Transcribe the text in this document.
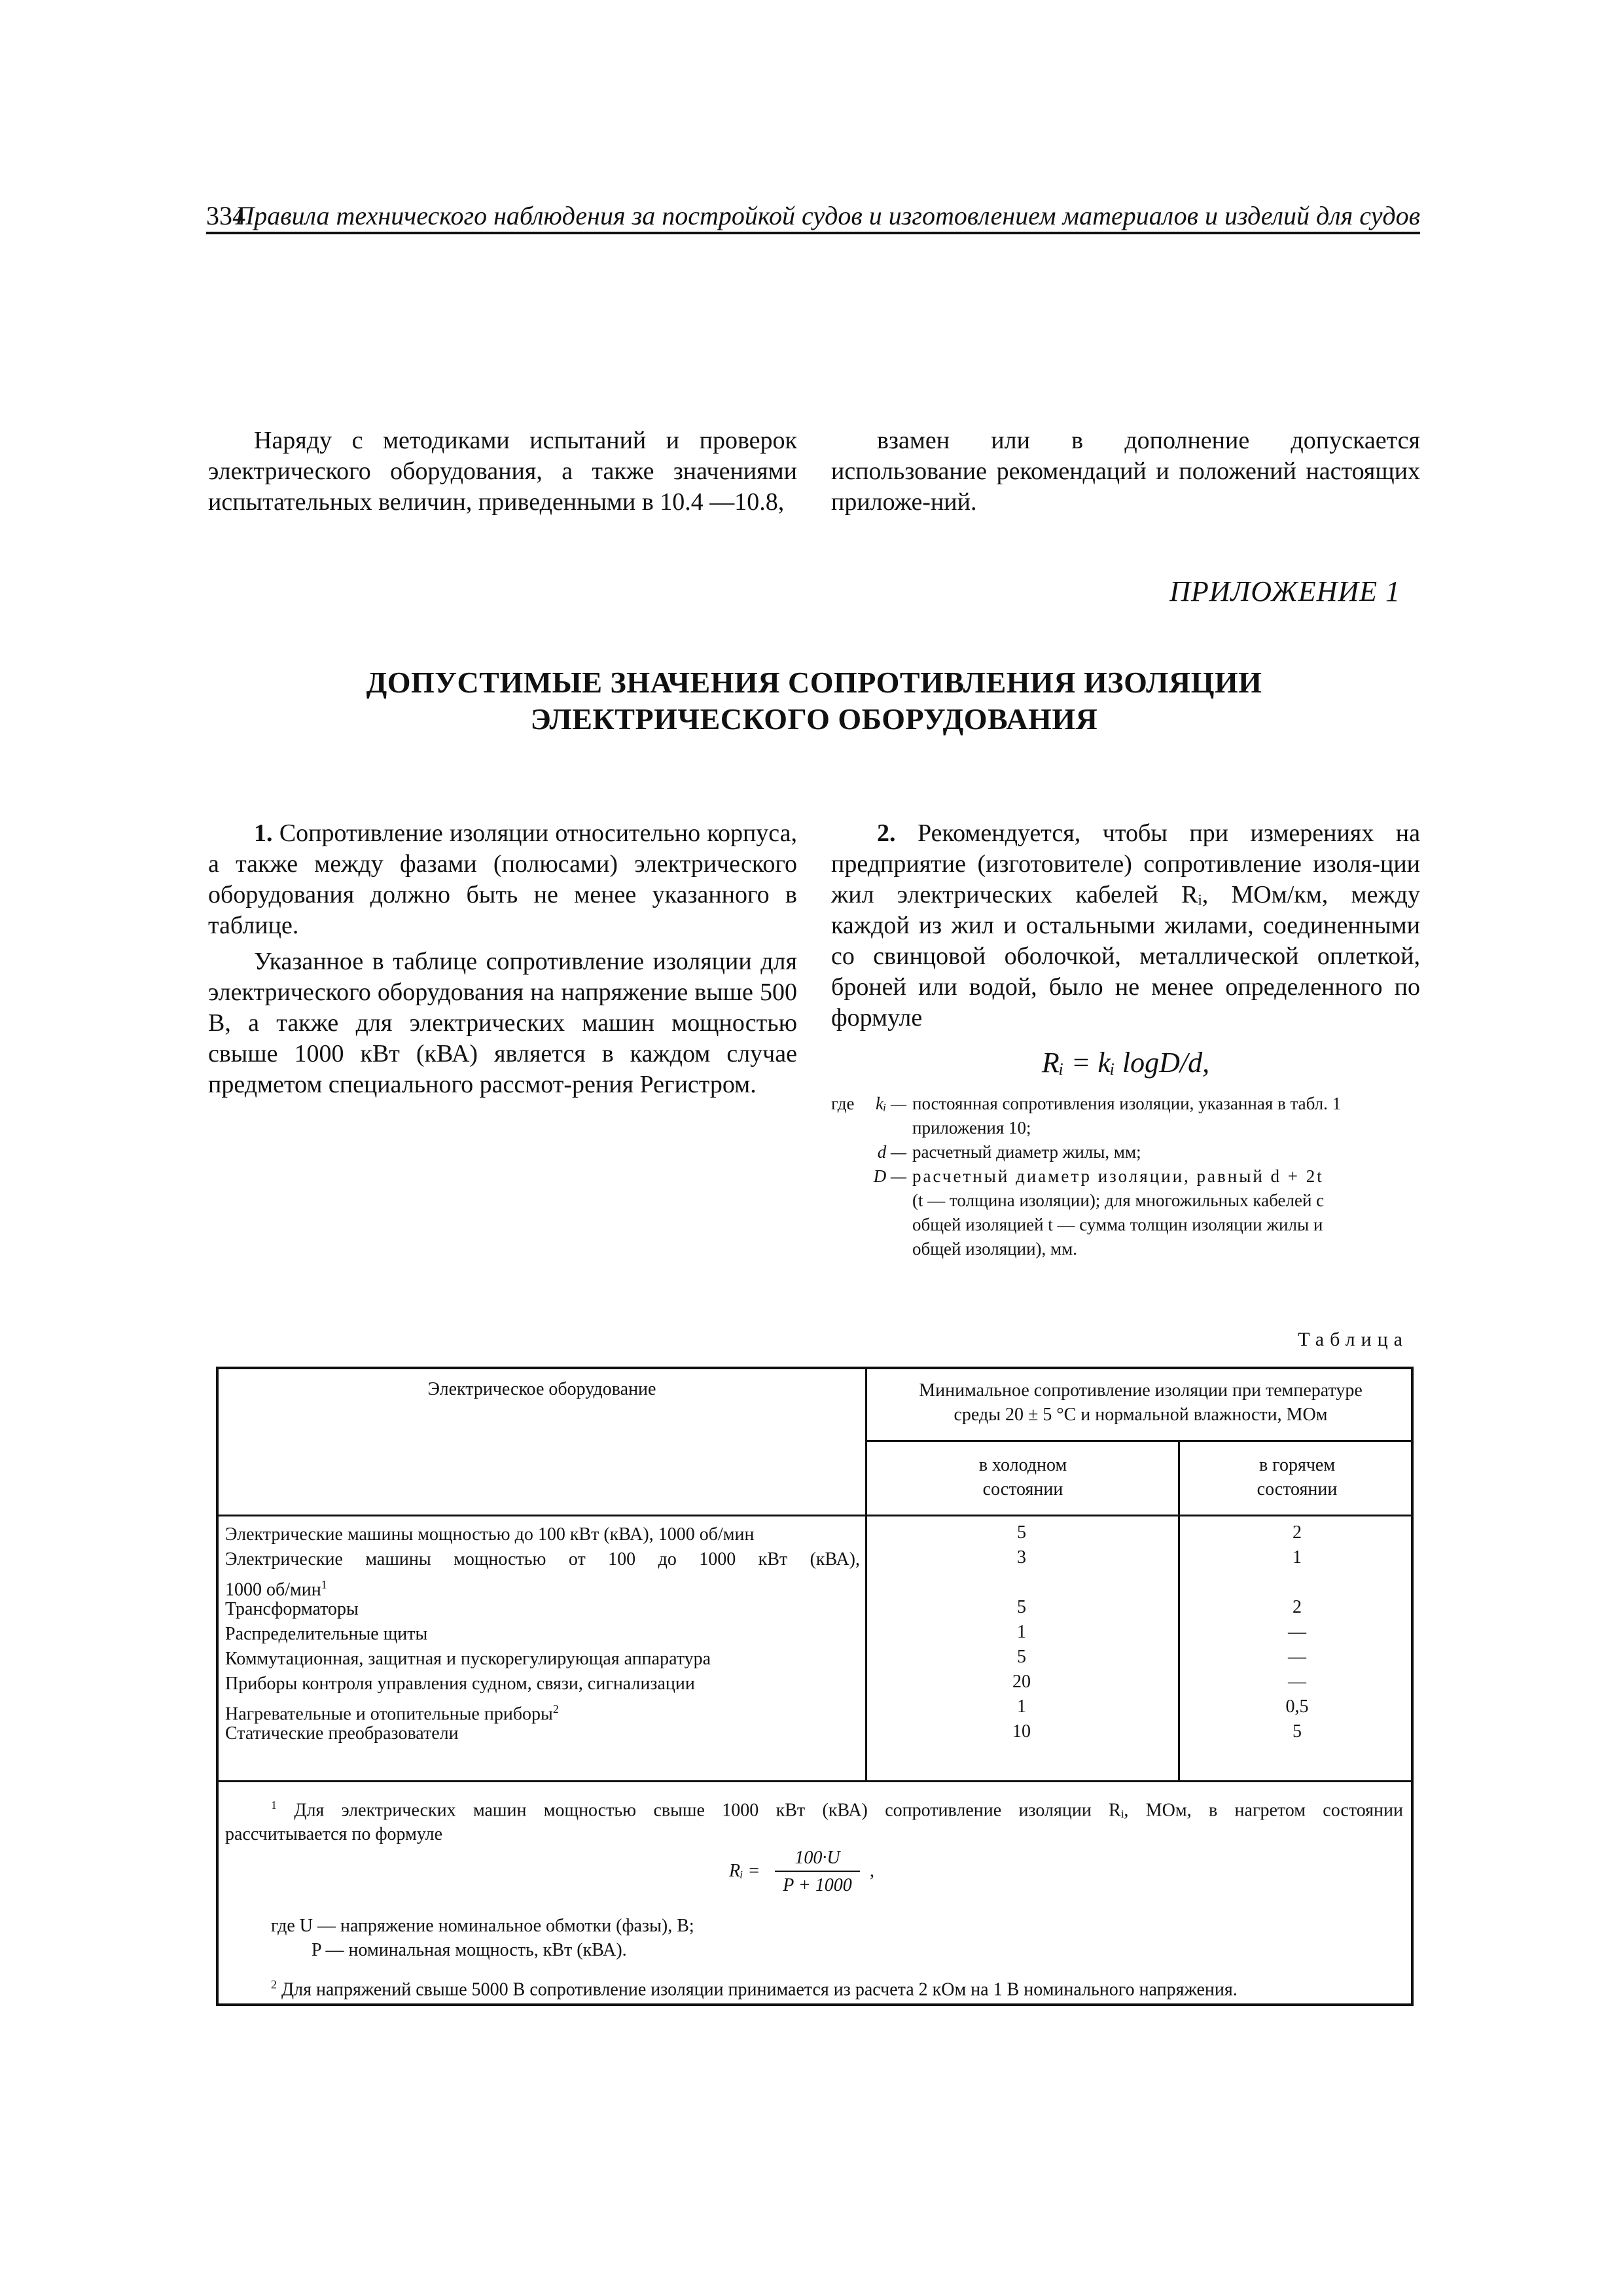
334
Правила технического наблюдения за постройкой судов и изготовлением материалов и изделий для судов

Наряду с методиками испытаний и проверок электрического оборудования, а также значениями испытательных величин, приведенными в 10.4 —10.8,

взамен или в дополнение допускается использование рекомендаций и положений настоящих приложе-ний.

ПРИЛОЖЕНИЕ 1

ДОПУСТИМЫЕ ЗНАЧЕНИЯ СОПРОТИВЛЕНИЯ ИЗОЛЯЦИИ

ЭЛЕКТРИЧЕСКОГО ОБОРУДОВАНИЯ

1. Сопротивление изоляции относительно корпуса, а также между фазами (полюсами) электрического оборудования должно быть не менее указанного в таблице.

Указанное в таблице сопротивление изоляции для электрического оборудования на напряжение выше 500 В, а также для электрических машин мощностью свыше 1000 кВт (кВА) является в каждом случае предметом специального рассмот-рения Регистром.

2. Рекомендуется, чтобы при измерениях на предприятие (изготовителе) сопротивление изоля-ции жил электрических кабелей Rᵢ, МОм/км, между каждой из жил и остальными жилами, соединенными со свинцовой оболочкой, металлической оплеткой, броней или водой, было не менее определенного по формуле

Rᵢ = kᵢ logD/d,
где	kᵢ — постоянная сопротивления изоляции, указанная в табл. 1
приложения 10;
d — расчетный диаметр жилы, мм;
D — расчетный диаметр изоляции, равный d + 2t
(t — толщина изоляции); для многожильных кабелей с
общей изоляцией t — сумма толщин изоляции жилы и
общей изоляции), мм.
Таблица
Электрическое оборудование	Минимальное сопротивление изоляции при температуре
среды 20 ± 5 °С и нормальной влажности, МОм
в холодном
состоянии
в горячем
состоянии
Электрические машины мощностью до 100 кВт (кВА), 1000 об/мин	5	2
Электрические машины мощностью от 100 до 1000 кВт (кВА),	3	1
1000 об/мин$^1$
Трансформаторы	5	2
Распределительные щиты	1	—
Коммутационная, защитная и пускорегулирующая аппаратура	5	—
Приборы контроля управления судном, связи, сигнализации	20	—
Нагревательные и отопительные приборы$^2$	1	0,5
Статические преобразователи	10	5
$^1$ Для электрических машин мощностью свыше 1000 кВт (кВА) сопротивление изоляции Rᵢ, МОм, в нагретом состоянии
рассчитывается по формуле
Rᵢ =
100·U
P + 1000
,
где U — напряжение номинальное обмотки (фазы), В;
P — номинальная мощность, кВт (кВА).
$^2$ Для напряжений свыше 5000 В сопротивление изоляции принимается из расчета 2 кОм на 1 В номинального напряжения.
